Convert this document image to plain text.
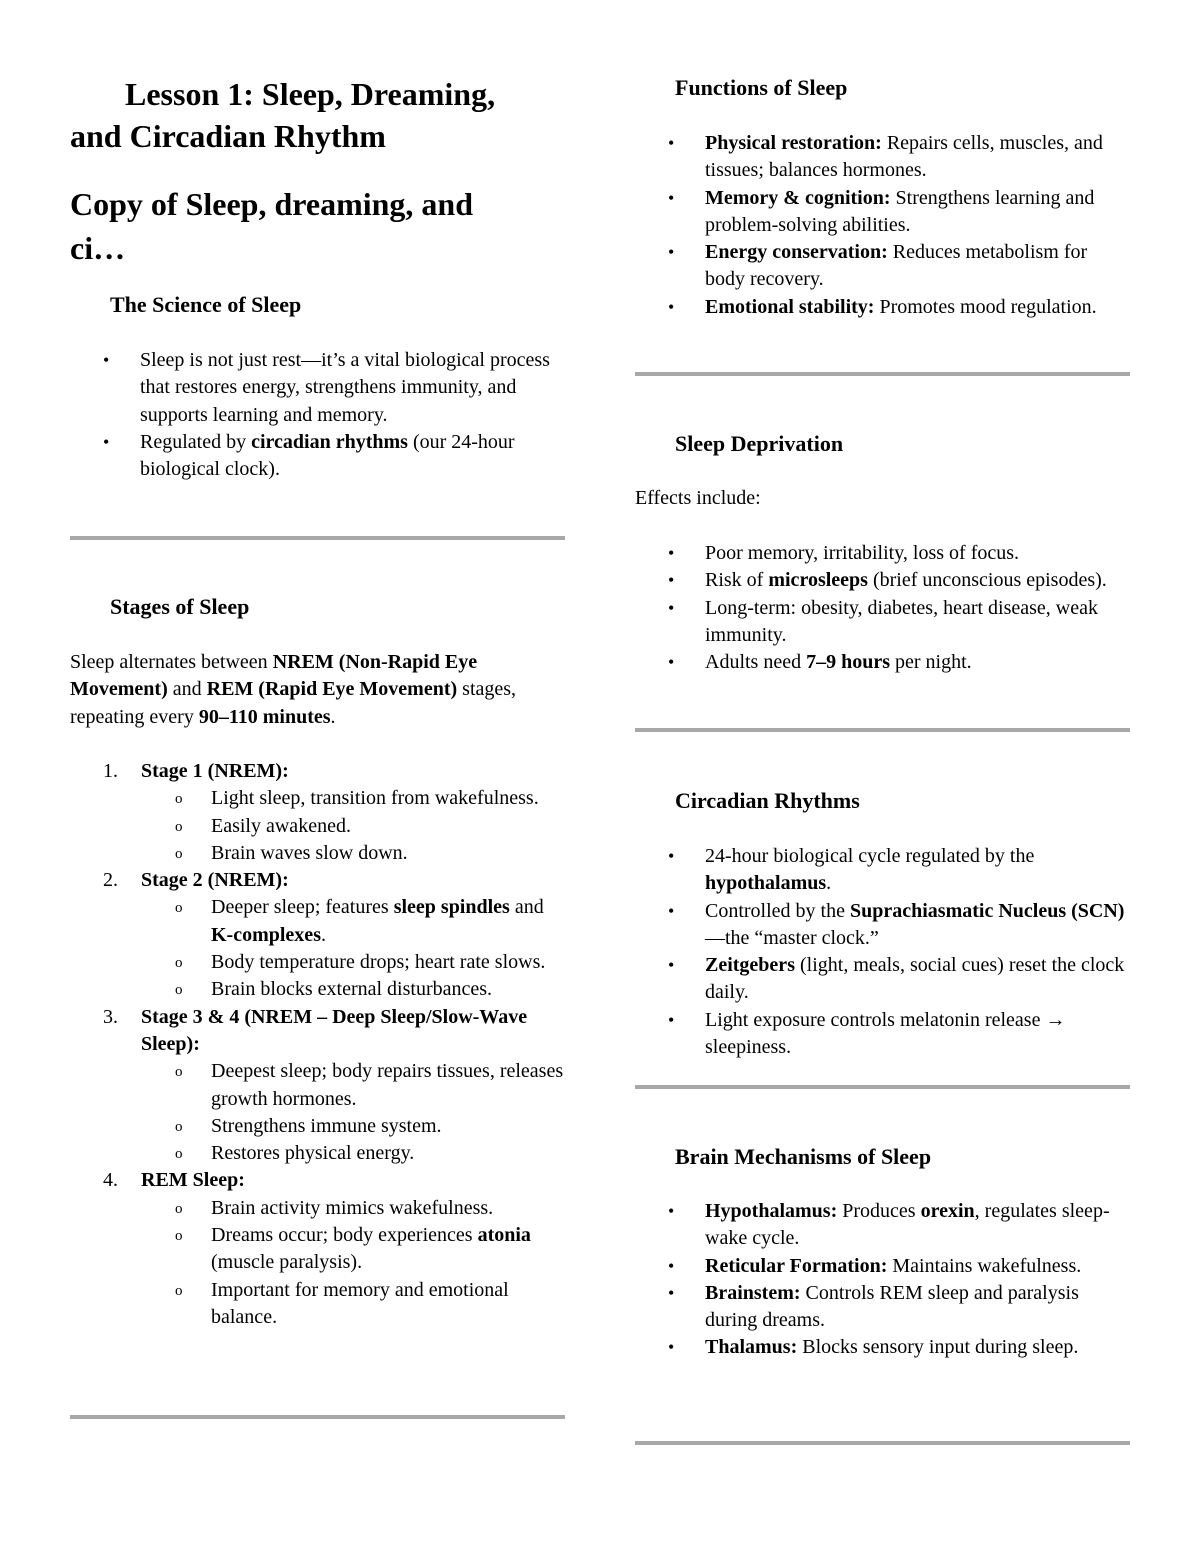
Lesson 1: Sleep, Dreaming,
and Circadian Rhythm
Copy of Sleep, dreaming, and
ci…
The Science of Sleep
• Sleep is not just rest—it’s a vital biological process that restores energy, strengthens immunity, and supports learning and memory.
• Regulated by circadian rhythms (our 24-hour biological clock).
Stages of Sleep

Sleep alternates between NREM (Non-Rapid Eye Movement) and REM (Rapid Eye Movement) stages, repeating every 90–110 minutes.

Functions of Sleep
• Physical restoration: Repairs cells, muscles, and tissues; balances hormones.
• Memory & cognition: Strengthens learning and problem-solving abilities.
• Energy conservation: Reduces metabolism for body recovery.
• Emotional stability: Promotes mood regulation.
Sleep Deprivation

Effects include:

• Poor memory, irritability, loss of focus.
• Risk of microsleeps (brief unconscious episodes).
• Long-term: obesity, diabetes, heart disease, weak immunity.
• Adults need 7–9 hours per night.
Circadian Rhythms
• 24-hour biological cycle regulated by the hypothalamus.
• Controlled by the Suprachiasmatic Nucleus (SCN)—the “master clock.”
• Zeitgebers (light, meals, social cues) reset the clock daily.
• Light exposure controls melatonin release → sleepiness.
Brain Mechanisms of Sleep
• Hypothalamus: Produces orexin, regulates sleep-wake cycle.
• Reticular Formation: Maintains wakefulness.
• Brainstem: Controls REM sleep and paralysis during dreams.
• Thalamus: Blocks sensory input during sleep.
1. Stage 1 (NREM):
o Light sleep, transition from wakefulness.
o Easily awakened.
o Brain waves slow down.
2. Stage 2 (NREM):
o Deeper sleep; features sleep spindles and K-complexes.
o Body temperature drops; heart rate slows.
o Brain blocks external disturbances.
3. Stage 3 & 4 (NREM – Deep Sleep/Slow-Wave Sleep):
o Deepest sleep; body repairs tissues, releases growth hormones.
o Strengthens immune system.
o Restores physical energy.
4. REM Sleep:
o Brain activity mimics wakefulness.
o Dreams occur; body experiences atonia (muscle paralysis).
o Important for memory and emotional balance.
